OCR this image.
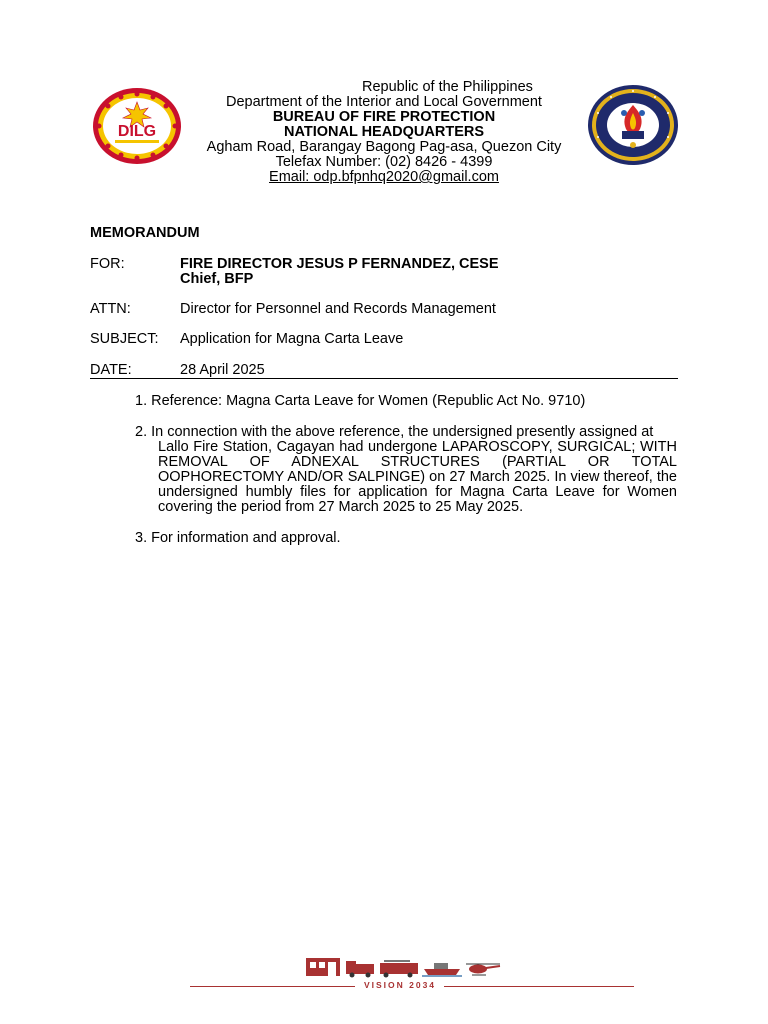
DILG
Republic of the Philippines
Department of the Interior and Local Government
BUREAU OF FIRE PROTECTION
NATIONAL HEADQUARTERS
Agham Road, Barangay Bagong Pag-asa, Quezon City
Telefax Number: (02) 8426 - 4399
Email: odp.bfpnhq2020@gmail.com
MEMORANDUM
FOR:	FIRE DIRECTOR JESUS P FERNANDEZ, CESE
Chief, BFP
ATTN:	Director for Personnel and Records Management
SUBJECT: Application for Magna Carta Leave
DATE:	28 April 2025
1. Reference: Magna Carta Leave for Women (Republic Act No. 9710)
2. In connection with the above reference, the undersigned presently assigned at
Lallo Fire Station, Cagayan had undergone LAPAROSCOPY, SURGICAL; WITH REMOVAL OF ADNEXAL STRUCTURES (PARTIAL OR TOTAL OOPHORECTOMY AND/OR SALPINGE) on 27 March 2025. In view thereof, the undersigned humbly files for application for Magna Carta Leave for Women covering the period from 27 March 2025 to 25 May 2025.
3. For information and approval.
VISION 2034
